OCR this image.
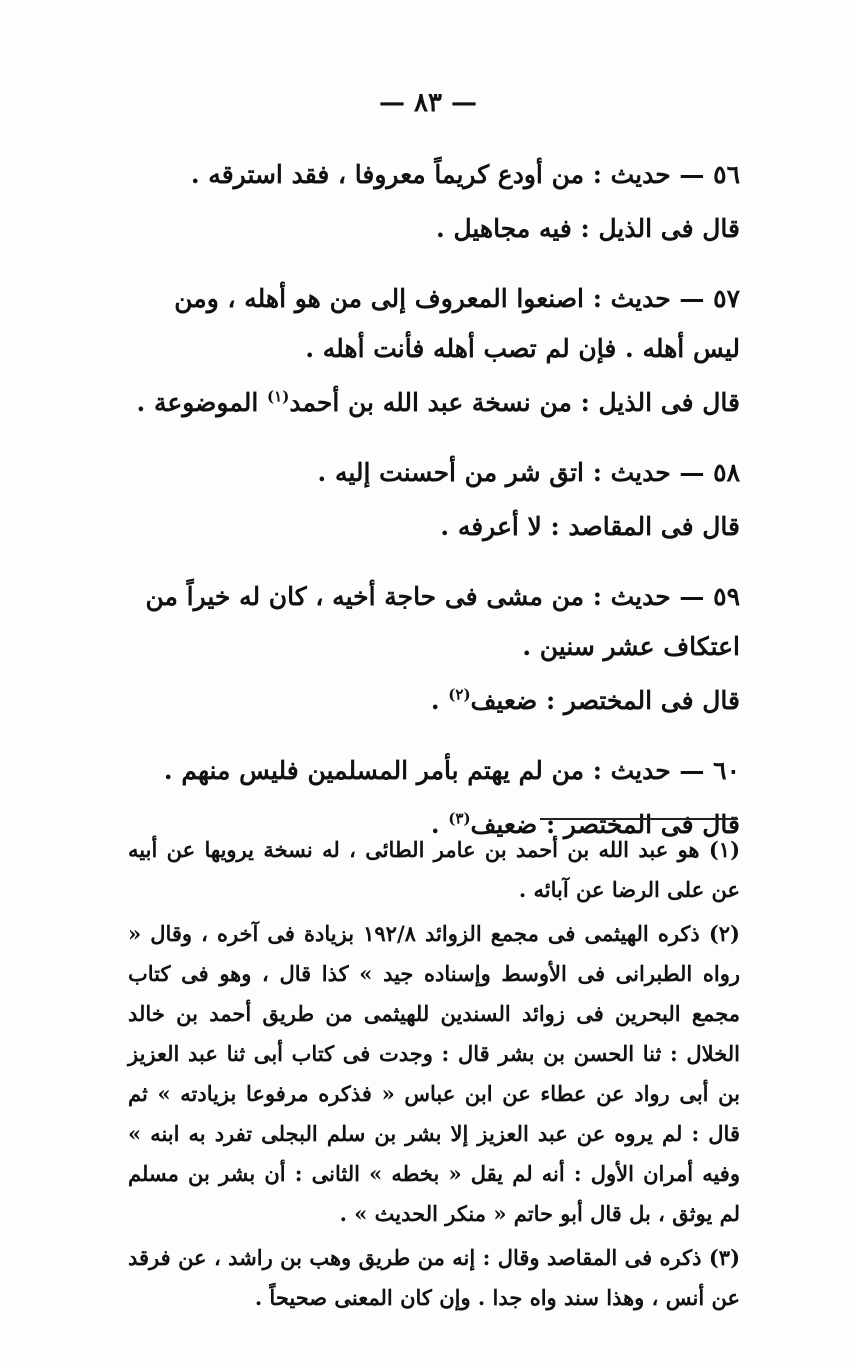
— ٨٣ —
٥٦ — حديث : من أودع كريماً معروفا ، فقد استرقه .
قال فى الذيل : فيه مجاهيل .
٥٧ — حديث : اصنعوا المعروف إلى من هو أهله ، ومن ليس أهله . فإن لم تصب أهله فأنت أهله .
قال فى الذيل : من نسخة عبد الله بن أحمد$^{(١)}$ الموضوعة .
٥٨ — حديث : اتق شر من أحسنت إليه .
قال فى المقاصد : لا أعرفه .
٥٩ — حديث : من مشى فى حاجة أخيه ، كان له خيراً من اعتكاف عشر سنين .
قال فى المختصر : ضعيف$^{(٢)}$ .
٦٠ — حديث : من لم يهتم بأمر المسلمين فليس منهم .
قال فى المختصر : ضعيف$^{(٣)}$ .

(١) هو عبد الله بن أحمد بن عامر الطائى ، له نسخة يرويها عن أبيه عن على الرضا عن آبائه .

(٢) ذكره الهيثمى فى مجمع الزوائد ١٩٢/٨ بزيادة فى آخره ، وقال « رواه الطبرانى فى الأوسط وإسناده جيد » كذا قال ، وهو فى كتاب مجمع البحرين فى زوائد السندين للهيثمى من طريق أحمد بن خالد الخلال : ثنا الحسن بن بشر قال : وجدت فى كتاب أبى ثنا عبد العزيز بن أبى رواد عن عطاء عن ابن عباس « فذكره مرفوعا بزيادته » ثم قال : لم يروه عن عبد العزيز إلا بشر بن سلم البجلى تفرد به ابنه » وفيه أمران الأول : أنه لم يقل « بخطه » الثانى : أن بشر بن مسلم لم يوثق ، بل قال أبو حاتم « منكر الحديث » .

(٣) ذكره فى المقاصد وقال : إنه من طريق وهب بن راشد ، عن فرقد عن أنس ، وهذا سند واه جدا . وإن كان المعنى صحيحاً .
